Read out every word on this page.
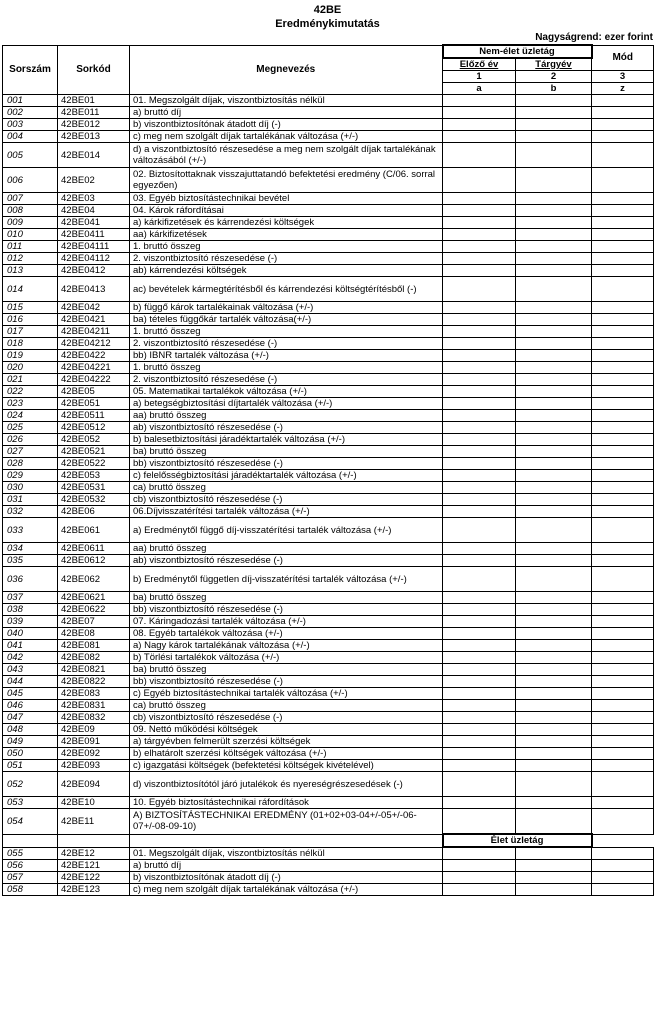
42BE
Eredménykimutatás
Nagyságrend: ezer forint
Sorszám	Sorkód	Megnevezés	Nem-élet üzletág		Mód
			Előző év	Tárgyév	
			1	2	3
			a	b	z
001	42BE01	01. Megszolgált díjak, viszontbiztosítás nélkül			
002	42BE011	a) bruttó díj			
003	42BE012	b) viszontbiztosítónak átadott díj (-)			
004	42BE013	c) meg nem szolgált díjak tartalékának változása (+/-)			
005	42BE014	d) a viszontbiztosító részesedése a meg nem szolgált díjak tartalékának változásából (+/-)			
006	42BE02	02. Biztosítottaknak visszajuttatandó befektetési eredmény (C/06. sorral egyezően)			
007	42BE03	03. Egyéb biztosítástechnikai bevétel			
008	42BE04	04. Károk ráfordításai			
009	42BE041	a) kárkifizetések és kárrendezési költségek			
010	42BE0411	aa) kárkifizetések			
011	42BE04111	1. bruttó összeg			
012	42BE04112	2. viszontbiztosító részesedése (-)			
013	42BE0412	ab) kárrendezési költségek			
014	42BE0413	ac) bevételek kármegtérítésből és kárrendezési költségtérítésből (-)			
015	42BE042	b) függő károk tartalékainak változása (+/-)			
016	42BE0421	ba) tételes függőkár tartalék változása(+/-)			
017	42BE04211	1. bruttó összeg			
018	42BE04212	2. viszontbiztosító részesedése (-)			
019	42BE0422	bb) IBNR tartalék változása (+/-)			
020	42BE04221	1. bruttó összeg			
021	42BE04222	2. viszontbiztosító részesedése (-)			
022	42BE05	05. Matematikai tartalékok változása (+/-)			
023	42BE051	a) betegségbiztosítási díjtartalék változása (+/-)			
024	42BE0511	aa) bruttó összeg			
025	42BE0512	ab) viszontbiztosító részesedése (-)			
026	42BE052	b) balesetbiztosítási járadéktartalék változása (+/-)			
027	42BE0521	ba) bruttó összeg			
028	42BE0522	bb) viszontbiztosító részesedése (-)			
029	42BE053	c) felelősségbiztosítási járadéktartalék változása (+/-)			
030	42BE0531	ca) bruttó összeg			
031	42BE0532	cb) viszontbiztosító részesedése (-)			
032	42BE06	06.Díjvisszatérítési tartalék változása (+/-)			
033	42BE061	a) Eredménytől függő díj-visszatérítési tartalék változása (+/-)			
034	42BE0611	aa) bruttó összeg			
035	42BE0612	ab) viszontbiztosító részesedése (-)			
036	42BE062	b) Eredménytől független díj-visszatérítési tartalék változása (+/-)			
037	42BE0621	ba) bruttó összeg			
038	42BE0622	bb) viszontbiztosító részesedése (-)			
039	42BE07	07. Káringadozási tartalék változása (+/-)			
040	42BE08	08. Egyéb tartalékok változása (+/-)			
041	42BE081	a) Nagy károk tartalékának változása (+/-)			
042	42BE082	b) Törlési tartalékok változása (+/-)			
043	42BE0821	ba) bruttó összeg			
044	42BE0822	bb) viszontbiztosító részesedése (-)			
045	42BE083	c) Egyéb biztosítástechnikai tartalék változása (+/-)			
046	42BE0831	ca) bruttó összeg			
047	42BE0832	cb) viszontbiztosító részesedése (-)			
048	42BE09	09. Nettó működési költségek			
049	42BE091	a) tárgyévben felmerült szerzési költségek			
050	42BE092	b) elhatárolt szerzési költségek változása (+/-)			
051	42BE093	c) igazgatási költségek (befektetési költségek kivételével)			
052	42BE094	d) viszontbiztosítótól járó jutalékok és nyereségrészesedések (-)			
053	42BE10	10. Egyéb biztosítástechnikai ráfordítások			
054	42BE11	A) BIZTOSÍTÁSTECHNIKAI EREDMÉNY (01+02+03-04+/-05+/-06-07+/-08-09-10)			
			Élet üzletág		
055	42BE12	01. Megszolgált díjak, viszontbiztosítás nélkül			
056	42BE121	a) bruttó díj			
057	42BE122	b) viszontbiztosítónak átadott díj (-)			
058	42BE123	c) meg nem szolgált díjak tartalékának változása (+/-)			
